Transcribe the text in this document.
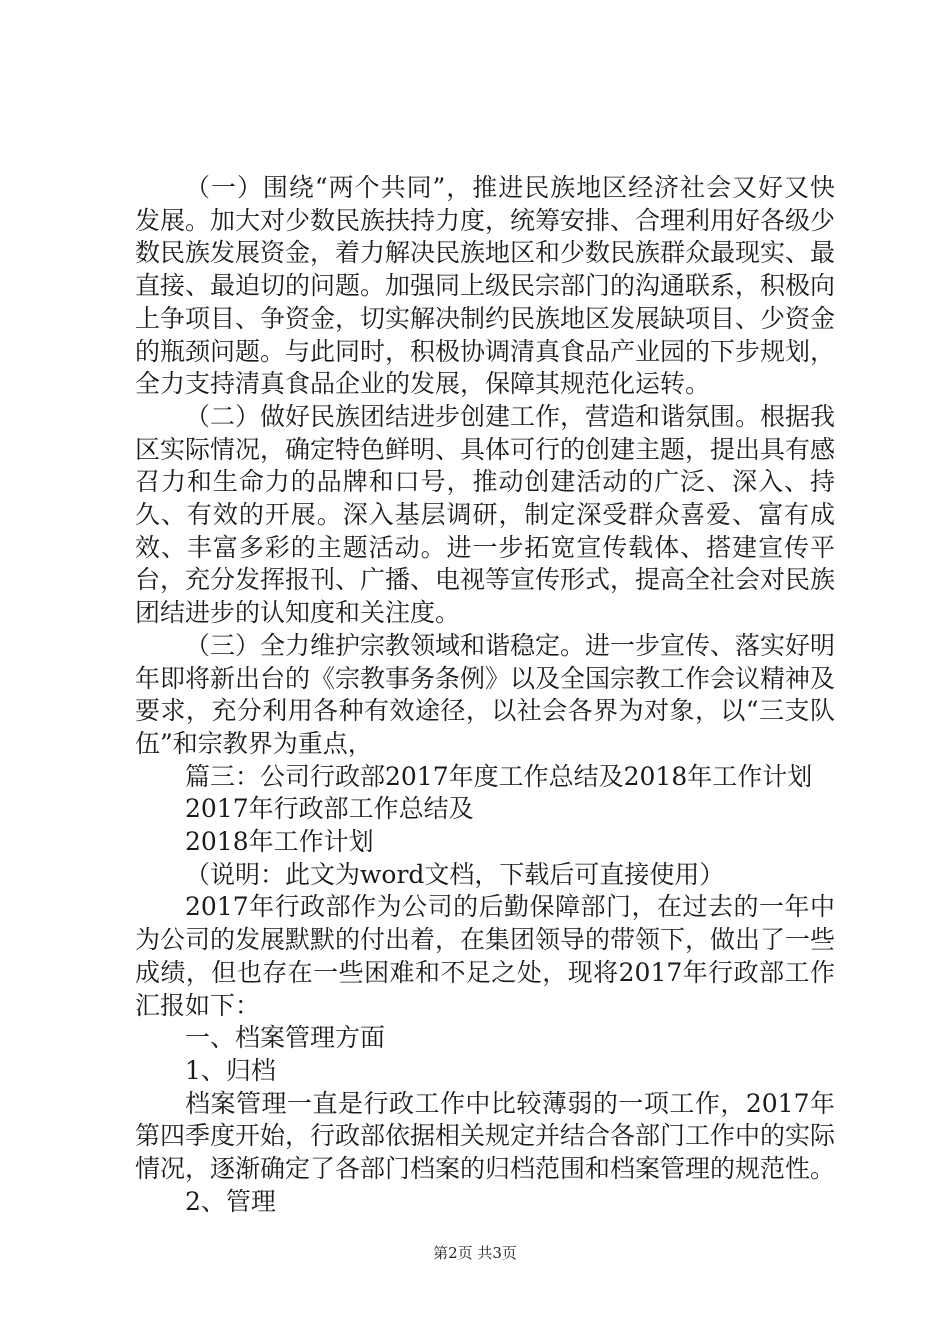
（一）围绕“两个共同”，推进民族地区经济社会又好又快发展。加大对少数民族扶持力度，统筹安排、合理利用好各级少数民族发展资金，着力解决民族地区和少数民族群众最现实、最直接、最迫切的问题。加强同上级民宗部门的沟通联系，积极向上争项目、争资金，切实解决制约民族地区发展缺项目、少资金的瓶颈问题。与此同时，积极协调清真食品产业园的下步规划，全力支持清真食品企业的发展，保障其规范化运转。

（二）做好民族团结进步创建工作，营造和谐氛围。根据我区实际情况，确定特色鲜明、具体可行的创建主题，提出具有感召力和生命力的品牌和口号，推动创建活动的广泛、深入、持久、有效的开展。深入基层调研，制定深受群众喜爱、富有成效、丰富多彩的主题活动。进一步拓宽宣传载体、搭建宣传平台，充分发挥报刊、广播、电视等宣传形式，提高全社会对民族团结进步的认知度和关注度。

（三）全力维护宗教领域和谐稳定。进一步宣传、落实好明年即将新出台的《宗教事务条例》以及全国宗教工作会议精神及要求，充分利用各种有效途径，以社会各界为对象，以“三支队伍”和宗教界为重点，

篇三：公司行政部2017年度工作总结及2018年工作计划

2017年行政部工作总结及

2018年工作计划

（说明：此文为word文档，下载后可直接使用）

2017年行政部作为公司的后勤保障部门，在过去的一年中为公司的发展默默的付出着，在集团领导的带领下，做出了一些成绩，但也存在一些困难和不足之处，现将2017年行政部工作汇报如下：

一、档案管理方面

1、归档

档案管理一直是行政工作中比较薄弱的一项工作，2017年第四季度开始，行政部依据相关规定并结合各部门工作中的实际情况，逐渐确定了各部门档案的归档范围和档案管理的规范性。

2、管理

第2页 共3页
